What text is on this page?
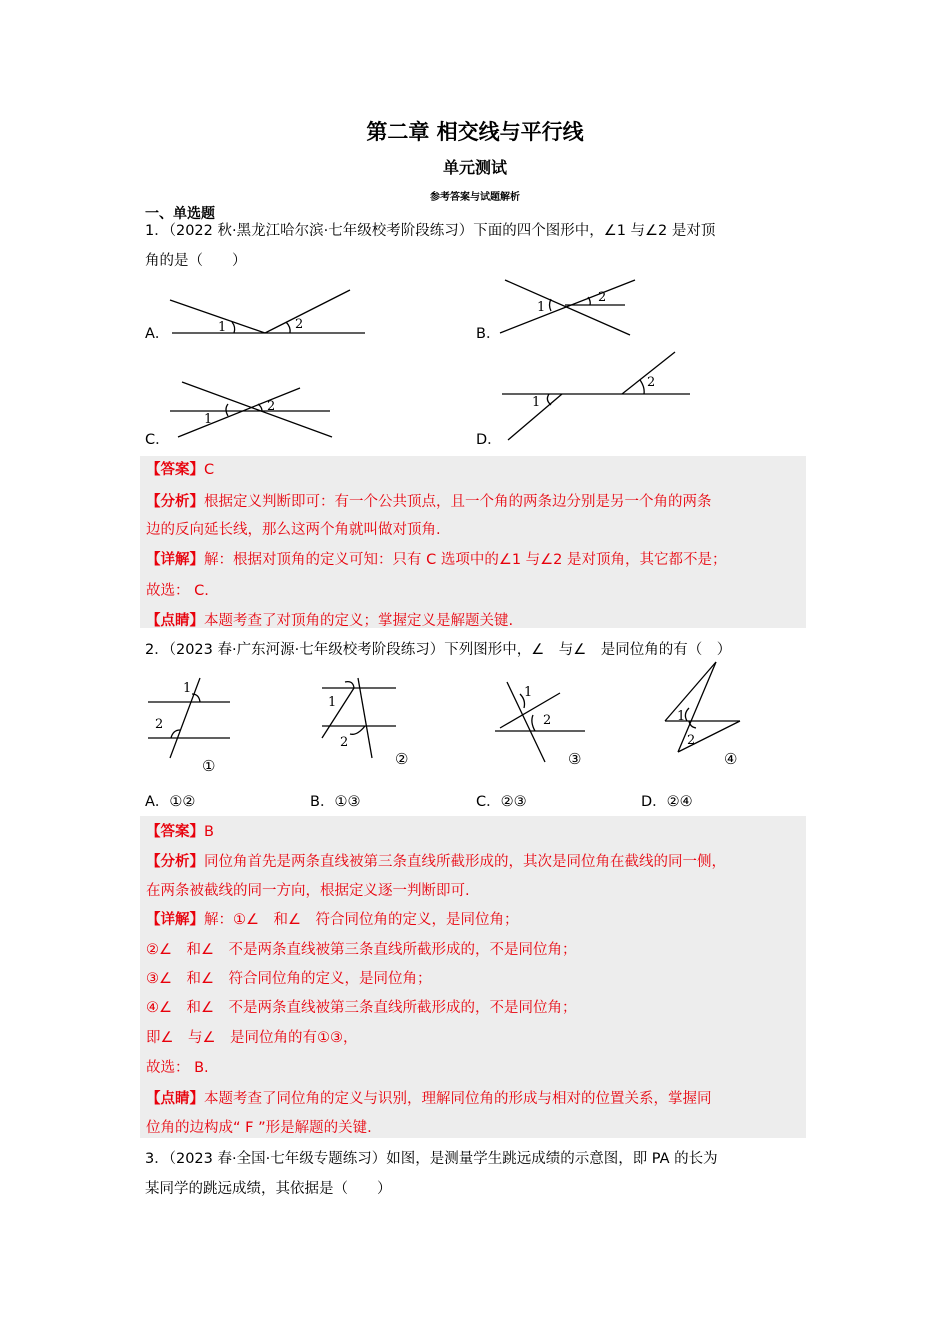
第二章 相交线与平行线
单元测试
参考答案与试题解析
一、单选题
1．（2022 秋·黑龙江哈尔滨·七年级校考阶段练习）下面的四个图形中，∠1 与∠2 是对顶
角的是（　　）
A．	B．
C．	D．
1	2
1
2
1
2	1
2
【答案】C
【分析】根据定义判断即可：有一个公共顶点，且一个角的两条边分别是另一个角的两条
边的反向延长线，那么这两个角就叫做对顶角.
【详解】解：根据对顶角的定义可知：只有 C 选项中的∠1 与∠2 是对顶角，其它都不是；
故选： C.
【点睛】本题考查了对顶角的定义；掌握定义是解题关键.
2．（2023 春·广东河源·七年级校考阶段练习）下列图形中，∠　与∠　是同位角的有（　）
1
2
1
2
1
2	1
2
①	②	③	④
A．①②	B．①③	C．②③	D．②④
【答案】B
【分析】同位角首先是两条直线被第三条直线所截形成的，其次是同位角在截线的同一侧，
在两条被截线的同一方向，根据定义逐一判断即可.
【详解】解：①∠　和∠　符合同位角的定义，是同位角；
②∠　和∠　不是两条直线被第三条直线所截形成的，不是同位角；
③∠　和∠　符合同位角的定义，是同位角；
④∠　和∠　不是两条直线被第三条直线所截形成的，不是同位角；
即∠　与∠　是同位角的有①③，
故选： B.
【点睛】本题考查了同位角的定义与识别，理解同位角的形成与相对的位置关系，掌握同
位角的边构成“ F ”形是解题的关键.
3．（2023 春·全国·七年级专题练习）如图，是测量学生跳远成绩的示意图，即 PA 的长为
某同学的跳远成绩，其依据是（　　）
